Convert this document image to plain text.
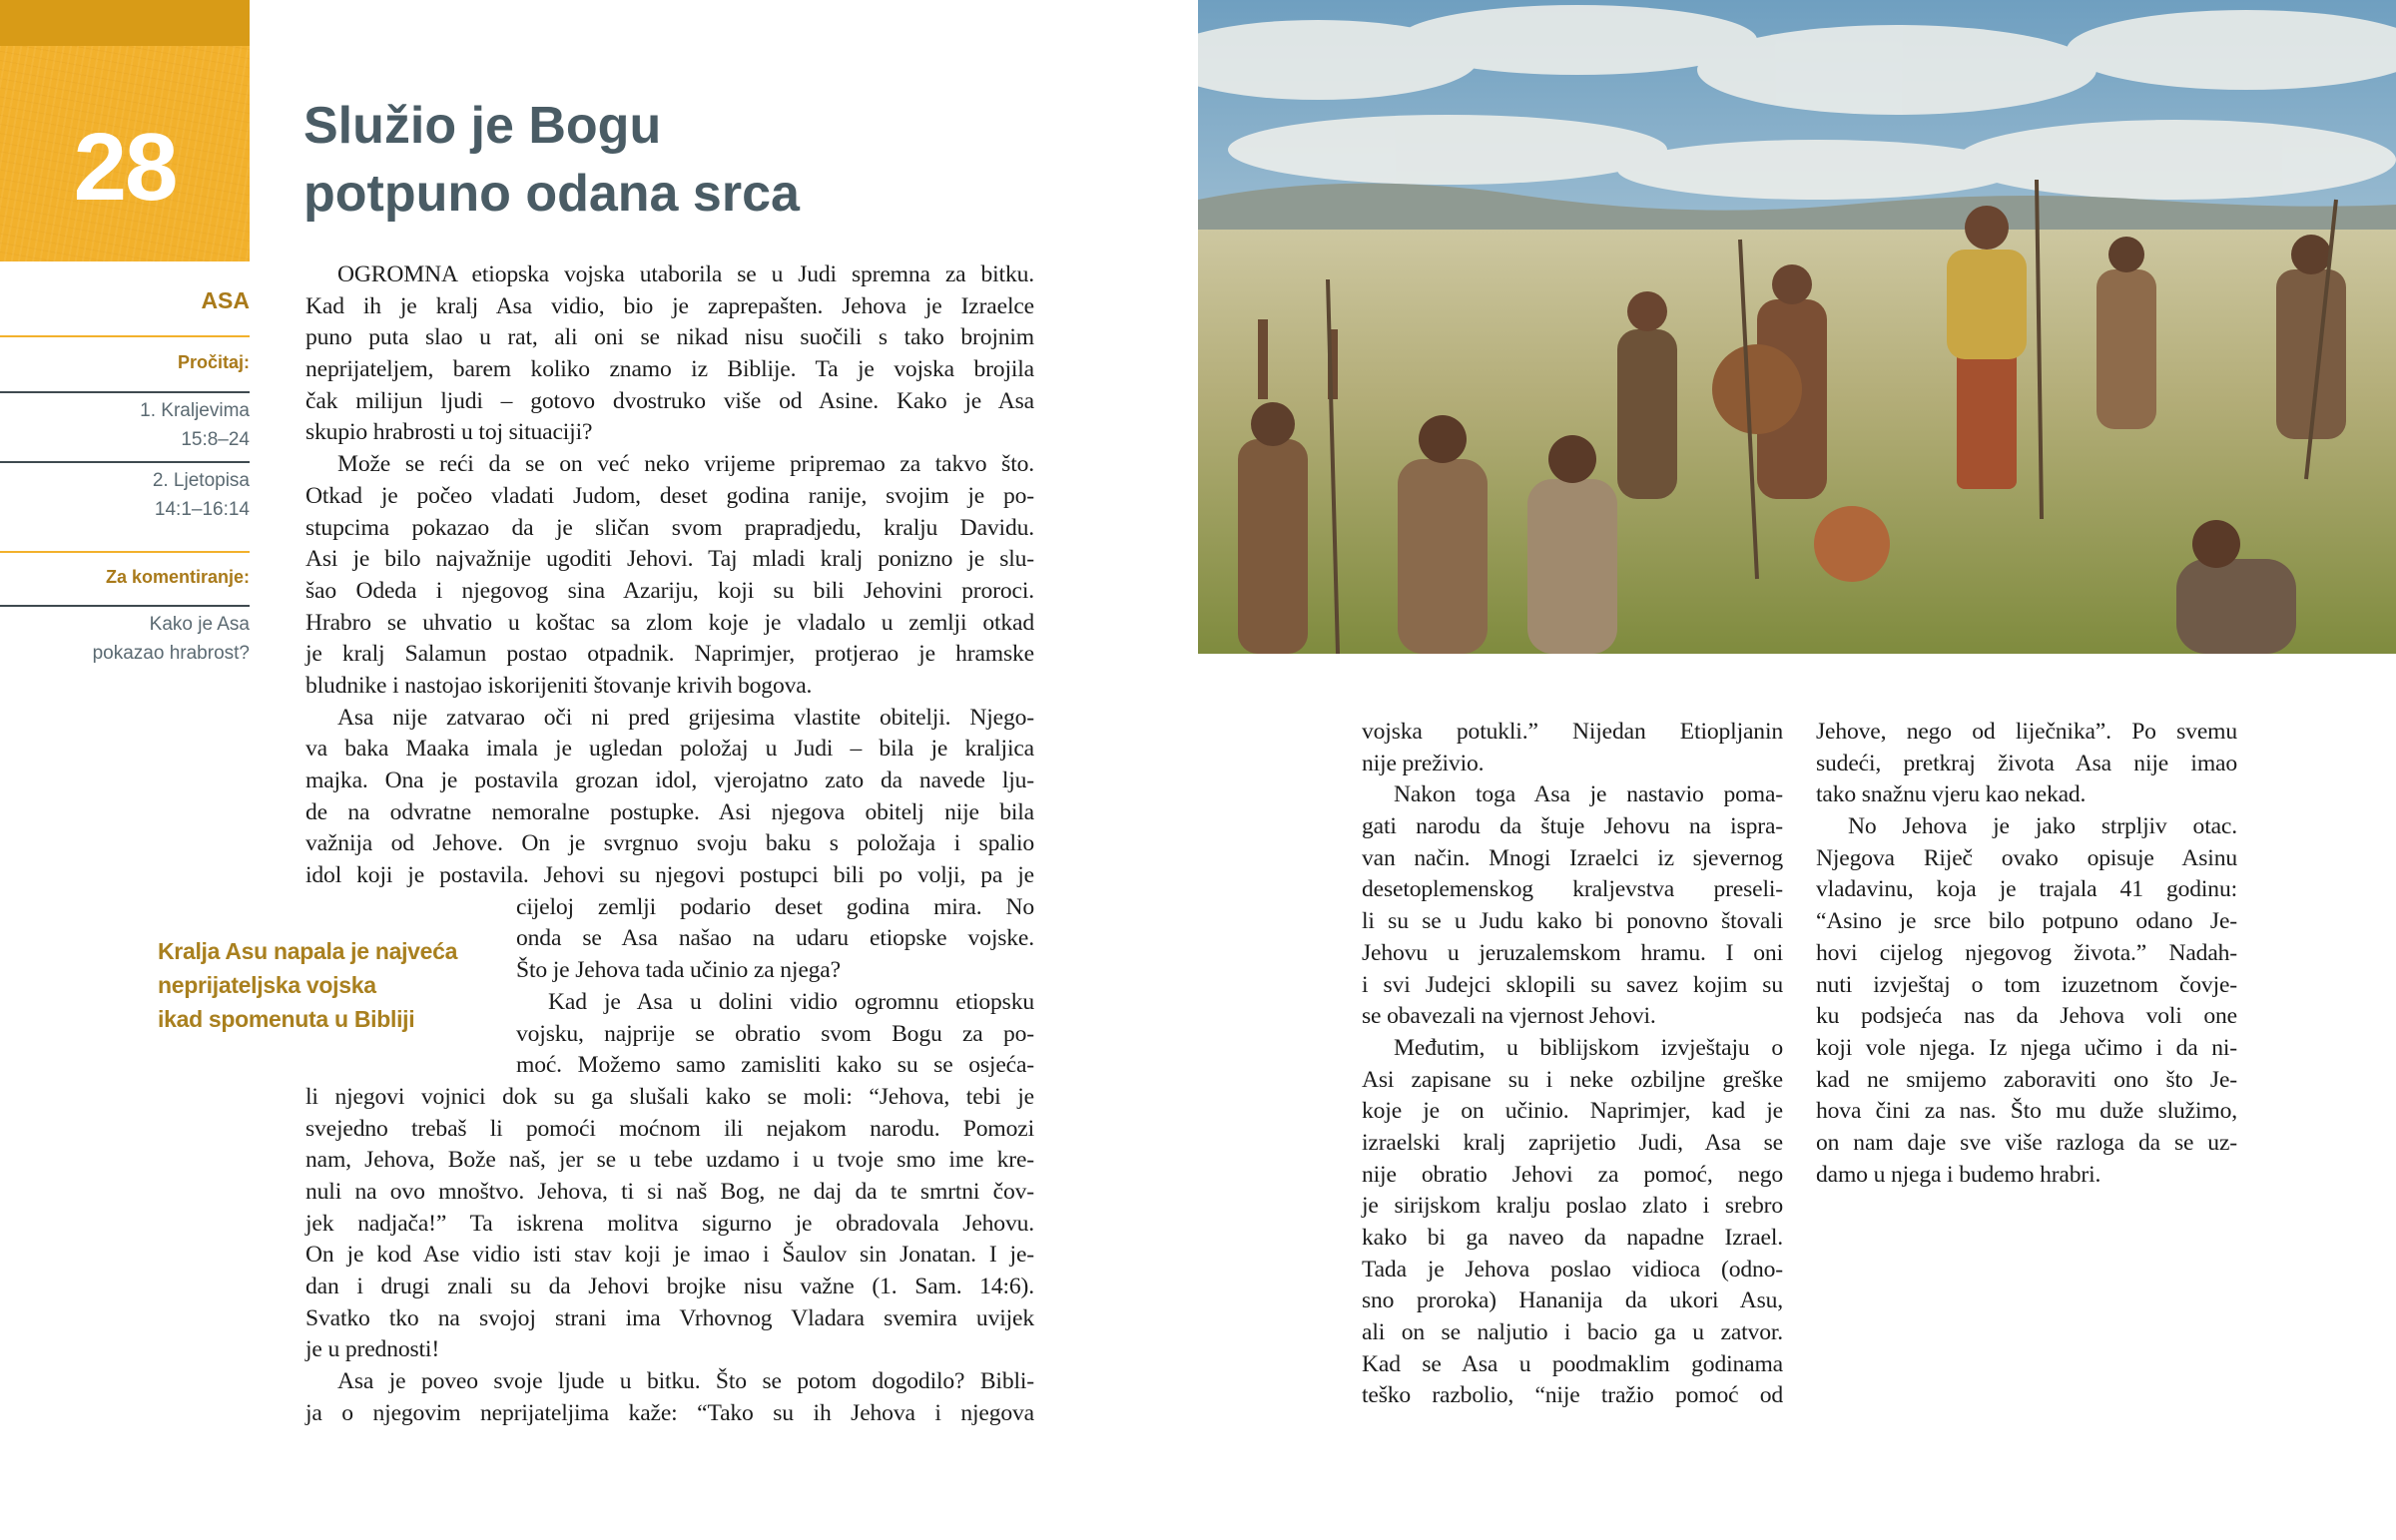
28	Služio je Bogu
potpuno odana srca
ASA
Pročitaj:
1. Kraljevima
15:8–24
2. Ljetopisa
14:1–16:14
Za komentiranje:
Kako je Asa
pokazao hrabrost?
Kralja Asu napala je najveća
neprijateljska vojska
ikad spomenuta u Bibliji
OGROMNA etiopska vojska utaborila se u Judi spremna za bitku.
Kad ih je kralj Asa vidio, bio je zaprepašten. Jehova je Izraelce
puno puta slao u rat, ali oni se nikad nisu suočili s tako brojnim
neprijateljem, barem koliko znamo iz Biblije. Ta je vojska brojila
čak milijun ljudi – gotovo dvostruko više od Asine. Kako je Asa
skupio hrabrosti u toj situaciji?
Može se reći da se on već neko vrijeme pripremao za takvo što.
Otkad je počeo vladati Judom, deset godina ranije, svojim je po-
stupcima pokazao da je sličan svom prapradjedu, kralju Davidu.
Asi je bilo najvažnije ugoditi Jehovi. Taj mladi kralj ponizno je slu-
šao Odeda i njegovog sina Azariju, koji su bili Jehovini proroci.
Hrabro se uhvatio u koštac sa zlom koje je vladalo u zemlji otkad
je kralj Salamun postao otpadnik. Naprimjer, protjerao je hramske
bludnike i nastojao iskorijeniti štovanje krivih bogova.
Asa nije zatvarao oči ni pred grijesima vlastite obitelji. Njego-
va baka Maaka imala je ugledan položaj u Judi – bila je kraljica
majka. Ona je postavila grozan idol, vjerojatno zato da navede lju-
de na odvratne nemoralne postupke. Asi njegova obitelj nije bila
važnija od Jehove. On je svrgnuo svoju baku s položaja i spalio
idol koji je postavila. Jehovi su njegovi postupci bili po volji, pa je
cijeloj zemlji podario deset godina mira. No
onda se Asa našao na udaru etiopske vojske.
Što je Jehova tada učinio za njega?
Kad je Asa u dolini vidio ogromnu etiopsku
vojsku, najprije se obratio svom Bogu za po-
moć. Možemo samo zamisliti kako su se osjeća-
li njegovi vojnici dok su ga slušali kako se moli: “Jehova, tebi je
svejedno trebaš li pomoći moćnom ili nejakom narodu. Pomozi
nam, Jehova, Bože naš, jer se u tebe uzdamo i u tvoje smo ime kre-
nuli na ovo mnoštvo. Jehova, ti si naš Bog, ne daj da te smrtni čov-
jek nadjača!” Ta iskrena molitva sigurno je obradovala Jehovu.
On je kod Ase vidio isti stav koji je imao i Šaulov sin Jonatan. I je-
dan i drugi znali su da Jehovi brojke nisu važne (1. Sam. 14:6).
Svatko tko na svojoj strani ima Vrhovnog Vladara svemira uvijek
je u prednosti!
Asa je poveo svoje ljude u bitku. Što se potom dogodilo? Bibli-
ja o njegovim neprijateljima kaže: “Tako su ih Jehova i njegova
vojska potukli.” Nijedan Etiopljanin
nije preživio.
Nakon toga Asa je nastavio poma-
gati narodu da štuje Jehovu na ispra-
van način. Mnogi Izraelci iz sjevernog
desetoplemenskog kraljevstva preseli-
li su se u Judu kako bi ponovno štovali
Jehovu u jeruzalemskom hramu. I oni
i svi Judejci sklopili su savez kojim su
se obavezali na vjernost Jehovi.
Međutim, u biblijskom izvještaju o
Asi zapisane su i neke ozbiljne greške
koje je on učinio. Naprimjer, kad je
izraelski kralj zaprijetio Judi, Asa se
nije obratio Jehovi za pomoć, nego
je sirijskom kralju poslao zlato i srebro
kako bi ga naveo da napadne Izrael.
Tada je Jehova poslao vidioca (odno-
sno proroka) Hananija da ukori Asu,
ali on se naljutio i bacio ga u zatvor.
Kad se Asa u poodmaklim godinama
teško razbolio, “nije tražio pomoć od
Jehove, nego od liječnika”. Po svemu
sudeći, pretkraj života Asa nije imao
tako snažnu vjeru kao nekad.
No Jehova je jako strpljiv otac.
Njegova Riječ ovako opisuje Asinu
vladavinu, koja je trajala 41 godinu:
“Asino je srce bilo potpuno odano Je-
hovi cijelog njegovog života.” Nadah-
nuti izvještaj o tom izuzetnom čovje-
ku podsjeća nas da Jehova voli one
koji vole njega. Iz njega učimo i da ni-
kad ne smijemo zaboraviti ono što Je-
hova čini za nas. Što mu duže služimo,
on nam daje sve više razloga da se uz-
damo u njega i budemo hrabri.
